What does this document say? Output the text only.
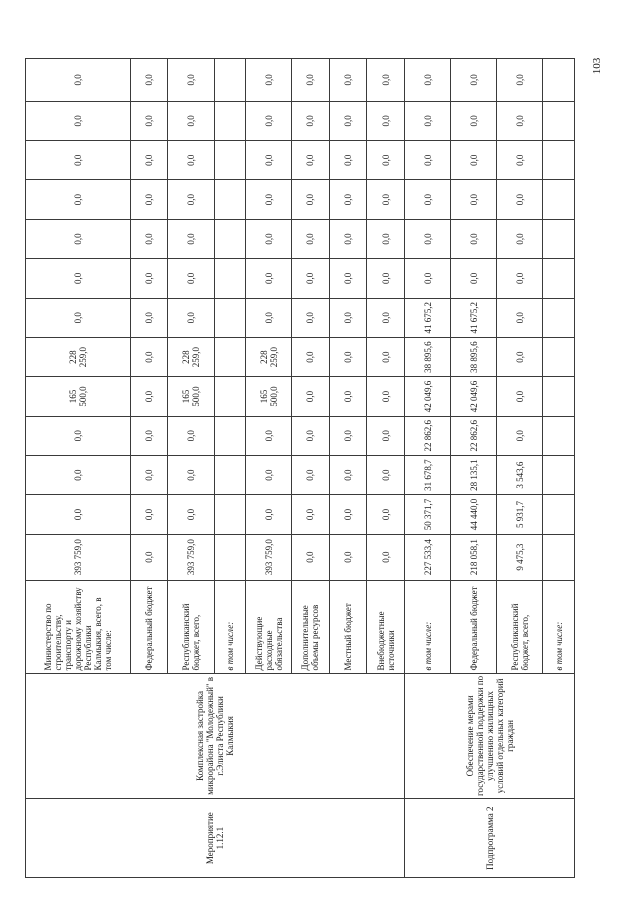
103
Мероприятие 1.12.1	Комплексная застройка микрорайона "Молодежный" в г.Элиста Республики Калмыкия	Министерство по строительству, транспорту и дорожному хозяйству Республики Калмыкия, всего, в том числе:	393 759,0	0,0	0,0	0,0	165 500,0	228 259,0	0,0	0,0	0,0	0,0	0,0	0,0	0,0
		Федеральный бюджет	0,0	0,0	0,0	0,0	0,0	0,0	0,0	0,0	0,0	0,0	0,0	0,0	0,0
		Республиканский бюджет, всего,	393 759,0	0,0	0,0	0,0	165 500,0	228 259,0	0,0	0,0	0,0	0,0	0,0	0,0	0,0
		в том числе:													
		Действующие расходные обязательства	393 759,0	0,0	0,0	0,0	165 500,0	228 259,0	0,0	0,0	0,0	0,0	0,0	0,0	0,0
		Дополнительные объемы ресурсов	0,0	0,0	0,0	0,0	0,0	0,0	0,0	0,0	0,0	0,0	0,0	0,0	0,0
		Местный бюджет	0,0	0,0	0,0	0,0	0,0	0,0	0,0	0,0	0,0	0,0	0,0	0,0	0,0
		Внебюджетные источники	0,0	0,0	0,0	0,0	0,0	0,0	0,0	0,0	0,0	0,0	0,0	0,0	0,0
Подпрограмма 2	Обеспечение мерами государственной поддержки по улучшению жилищных условий отдельных категорий граждан	в том числе:	227 533,4	50 371,7	31 678,7	22 862,6	42 049,6	38 895,6	41 675,2	0,0	0,0	0,0	0,0	0,0	0,0
		Федеральный бюджет	218 058,1	44 440,0	28 135,1	22 862,6	42 049,6	38 895,6	41 675,2	0,0	0,0	0,0	0,0	0,0	0,0
		Республиканский бюджет, всего,	9 475,3	5 931,7	3 543,6	0,0	0,0	0,0	0,0	0,0	0,0	0,0	0,0	0,0	0,0
		в том числе:													
